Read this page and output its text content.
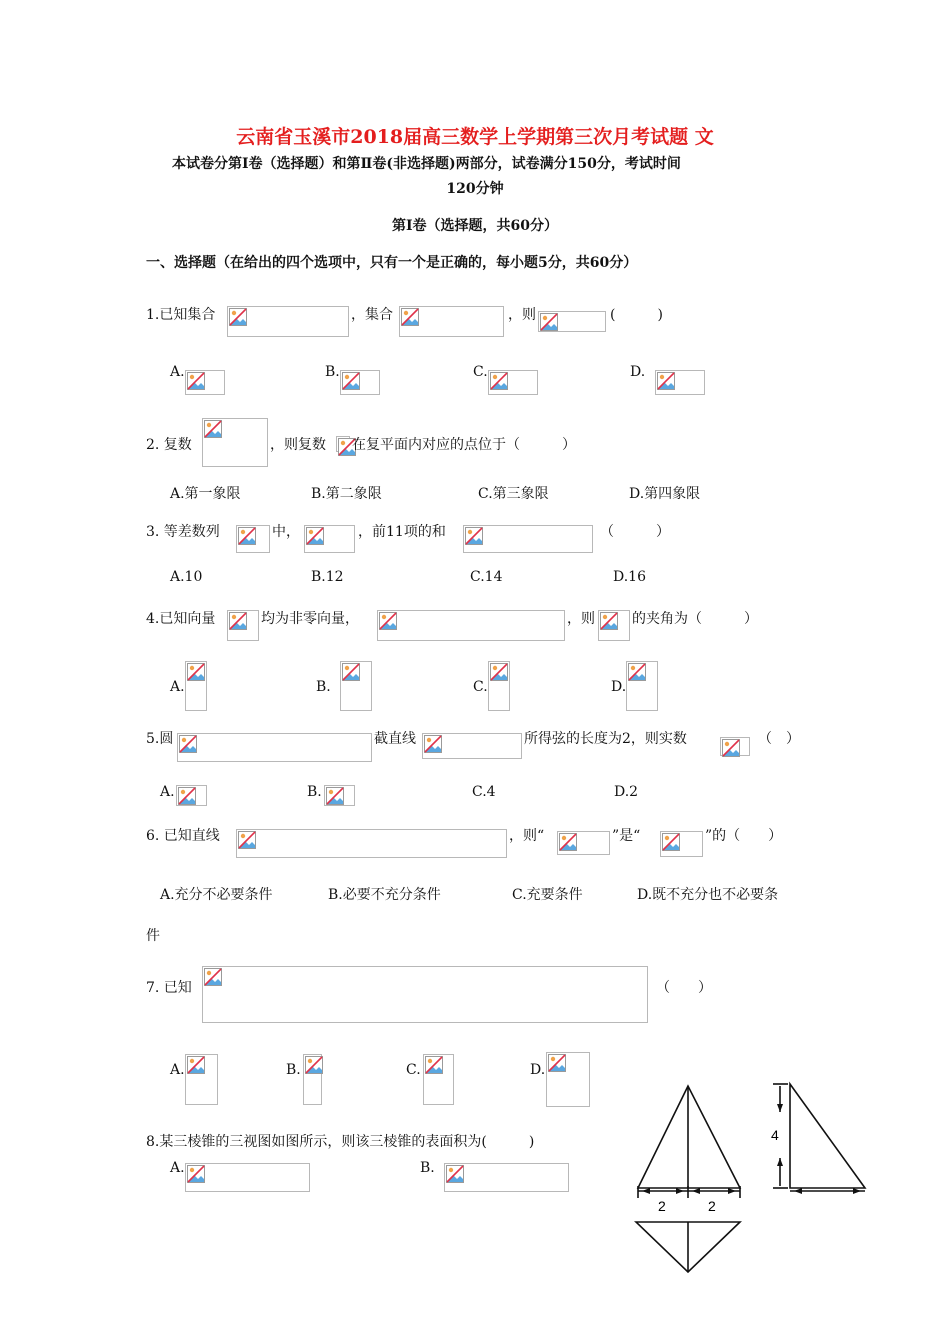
云南省玉溪市2018届高三数学上学期第三次月考试题 文
本试卷分第Ⅰ卷（选择题）和第Ⅱ卷(非选择题)两部分，试卷满分150分，考试时间
120分钟
第Ⅰ卷（选择题，共60分）
一、选择题（在给出的四个选项中，只有一个是正确的，每小题5分，共60分）
1.已知集合	，集合	，则	(　　　)
A.	B.	C.	D.
2. 复数	，则复数 在复平面内对应的点位于（　　　）
A.第一象限	B.第二象限	C.第三象限	D.第四象限
3. 等差数列	中，	，前11项的和	（　　　）
A.10	B.12	C.14	D.16
4.已知向量	均为非零向量，	，则	的夹角为（　　　）
A.	B.	C.	D.
5.圆	截直线	所得弦的长度为2，则实数	（　）
A.	B.	C.4	D.2
6. 已知直线	，则“	”是“	”的（　　）
A.充分不必要条件	B.必要不充分条件	C.充要条件	D.既不充分也不必要条
件
7. 已知	（　　）
A.	B.	C.	D.
8.某三棱锥的三视图如图所示，则该三棱锥的表面积为(　　　)
A.	B.
2	2
4
